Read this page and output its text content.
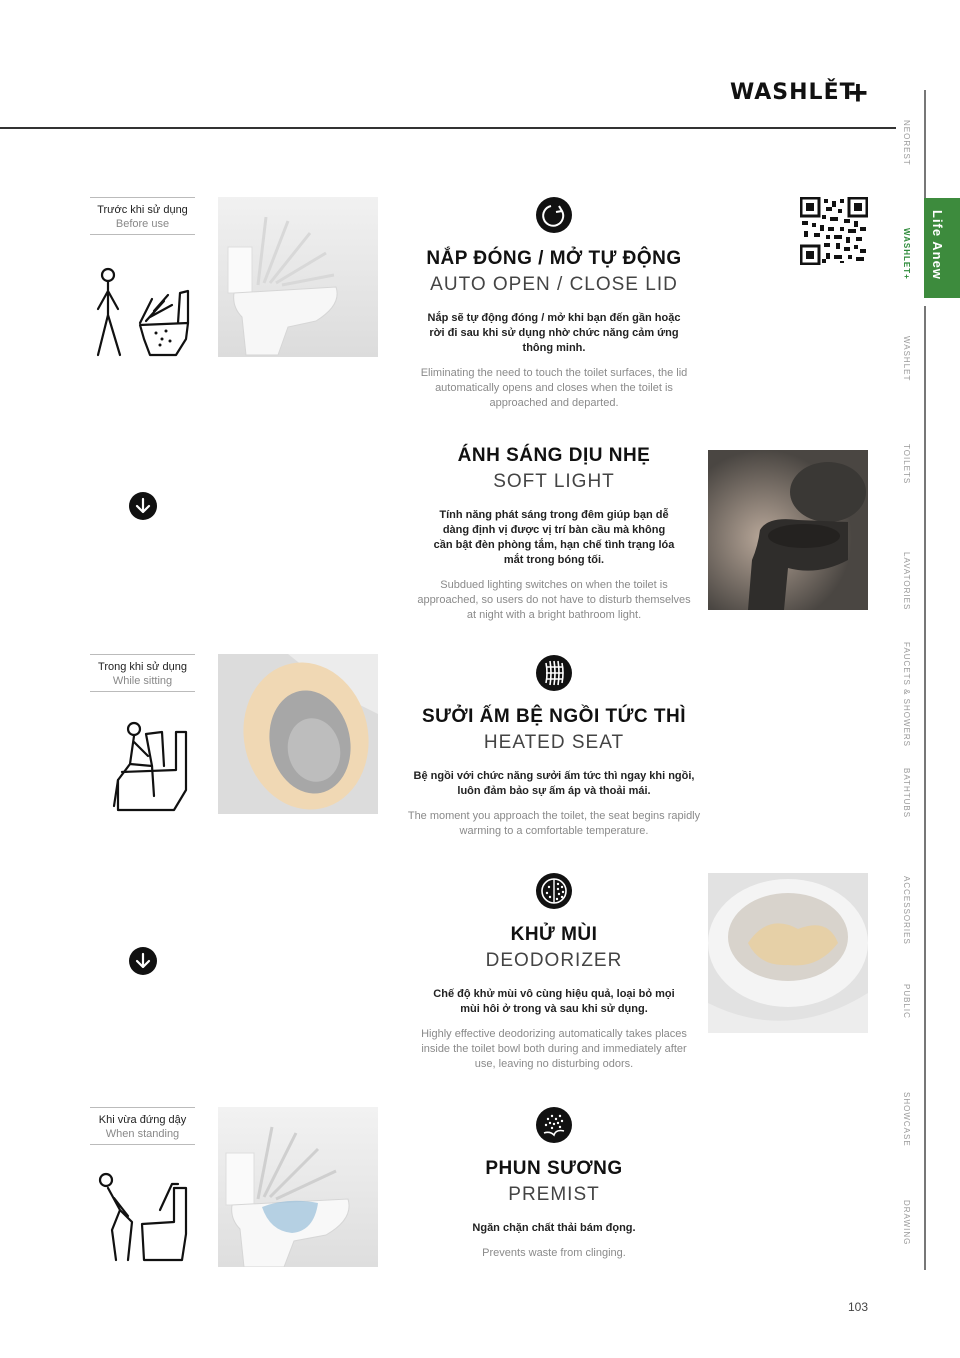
WASHLĚT
+
NEOREST
WASHLET+
WASHLET
TOILETS
LAVATORIES
FAUCETS & SHOWERS
BATHTUBS
ACCESSORIES
PUBLIC
SHOWCASE
DRAWING
Life Anew
Trước khi sử dụng
Before use
Trong khi sử dụng
While sitting
Khi vừa đứng dậy
When standing
NẮP ĐÓNG / MỞ TỰ ĐỘNG
AUTO OPEN / CLOSE LID
Nắp sẽ tự động đóng / mở khi bạn đến gần hoặc rời đi sau khi sử dụng nhờ chức năng cảm ứng thông minh.
Eliminating the need to touch the toilet surfaces, the lid automatically opens and closes when the toilet is approached and departed.
ÁNH SÁNG DỊU NHẸ
SOFT LIGHT
Tính năng phát sáng trong đêm giúp bạn dễ dàng định vị được vị trí bàn cầu mà không cần bật đèn phòng tắm, hạn chế tình trạng lóa mắt trong bóng tối.
Subdued lighting switches on when the toilet is approached, so users do not have to disturb themselves at night with a bright bathroom light.
SƯỞI ẤM BỆ NGỒI TỨC THÌ
HEATED SEAT
Bệ ngồi với chức năng sưởi ấm tức thì ngay khi ngồi, luôn đảm bảo sự ấm áp và thoải mái.
The moment you approach the toilet, the seat begins rapidly warming to a comfortable temperature.
KHỬ MÙI
DEODORIZER
Chế độ khử mùi vô cùng hiệu quả, loại bỏ mọi mùi hôi ở trong và sau khi sử dụng.
Highly effective deodorizing automatically takes places inside the toilet bowl both during and immediately after use, leaving no disturbing odors.
PHUN SƯƠNG
PREMIST
Ngăn chặn chất thải bám đọng.
Prevents waste from clinging.
103
